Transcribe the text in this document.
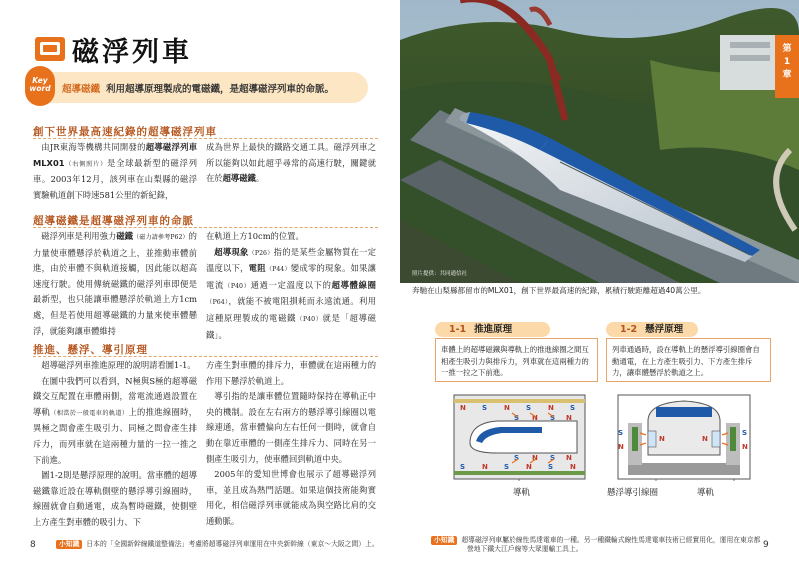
磁浮列車
Key
word	超導磁鐵 利用超導原理製成的電磁鐵，是超導磁浮列車的命脈。
創下世界最高速紀錄的超導磁浮列車

由JR東海等機構共同開發的超導磁浮列車MLX01（右側照片）是全球最新型的磁浮列車。2003年12月，該列車在山梨縣的磁浮實驗軌道創下時速581公里的新紀錄，

成為世界上最快的鐵路交通工具。磁浮列車之所以能夠以如此超乎尋常的高速行駛，關鍵就在於超導磁鐵。
超導磁鐵是超導磁浮列車的命脈

磁浮列車是利用強力磁鐵（磁力請參考P62）的力量使車體懸浮於軌道之上，並推動車體前進，由於車體不與軌道接觸，因此能以超高速度行駛。使用傳統磁鐵的磁浮列車即便是最新型，也只能讓車體懸浮於軌道上方1cm處，但是若使用超導磁鐵的力量來使車體懸浮，就能夠讓車體維持

在軌道上方10cm的位置。
超導現象（P26）指的是某些金屬物質在一定溫度以下，電阻（P44）變成零的現象。如果讓電流（P40）通過一定溫度以下的超導體線圈（P64），就能不被電阻損耗而永遠流通。利用這種原理製成的電磁鐵（P40）就是「超導磁鐵」。
推進、懸浮、導引原理

超導磁浮列車推進原理的說明請看圖1-1。

在圖中我們可以看到，N極與S極的超導磁鐵交互配置在車體兩側，當電流通過設置在導軌（相當於一般電車的軌道）上的推進線圈時，異極之間會產生吸引力、同極之間會產生排斥力，而列車就在這兩種力量的一拉一推之下前進。

圖1-2則是懸浮原理的說明。當車體的超導磁鐵靠近設在導軌側壁的懸浮導引線圈時，線圈就會自動通電，成為暫時磁鐵，使側壁上方產生對車體的吸引力、下

方產生對車體的排斥力，車體就在這兩種力的作用下懸浮於軌道上。

導引指的是讓車體位置隨時保持在導軌正中央的機制。設在左右兩方的懸浮導引線圈以電線連通，當車體偏向左右任何一側時，就會自動在靠近車體的一側產生排斥力、同時在另一側產生吸引力，使車體回到軌道中央。

2005年的愛知世博會也展示了超導磁浮列車，並且成為熱門話題。如果這個技術能夠實用化，相信磁浮列車就能成為與空路比肩的交通動脈。

8	小知識 日本的「全國新幹線鐵道整備法」考慮將超導磁浮列車運用在中央新幹線（東京～大阪之間）上。
照片提供：共同通信社
第
1
章
奔馳在山梨縣都留市的MLX01，創下世界最高速的紀錄，累積行駛距離超過40萬公里。
1-1 推進原理
車體上的超導磁鐵與導軌上的推進線圈之間互相產生吸引力與排斥力，列車就在這兩種力的一推一拉之下前進。
N S N S N S
S N S N
S N S N
S N S N S N
導軌
1-2 懸浮原理
列車通過時，設在導軌上的懸浮導引線圈會自動通電，在上方產生吸引力、下方產生排斥力，讓車體懸浮於軌道之上。
S
N
N	N
S
N
懸浮導引線圈	導軌
小知識 超導磁浮列車屬於線性馬達電車的一種。另一種鐵輪式線性馬達電車技術已經實用化，運用在東京都
營地下鐵大江戶線等大眾運輸工具上。	9
